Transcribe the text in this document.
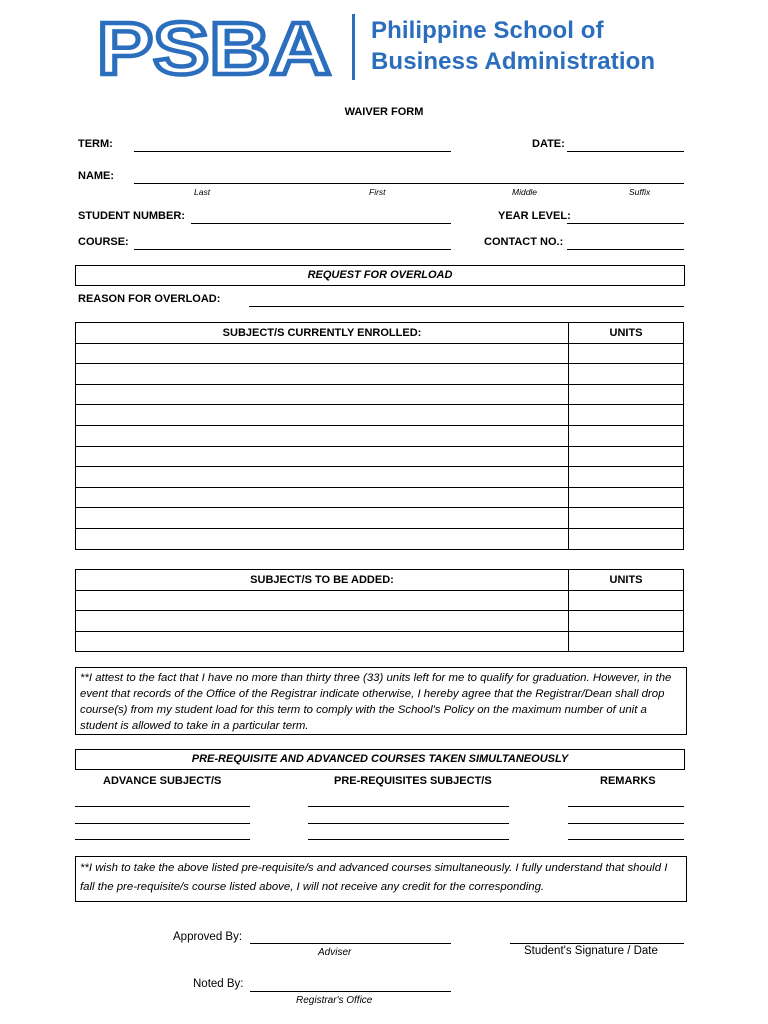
PSBA Philippine School of
Business Administration
WAIVER FORM
TERM:	DATE:
NAME:
Last	First	Middle	Suffix
STUDENT NUMBER:	YEAR LEVEL:
COURSE:	CONTACT NO.:
REQUEST FOR OVERLOAD
REASON FOR OVERLOAD:
SUBJECT/S CURRENTLY ENROLLED:	UNITS

SUBJECT/S TO BE ADDED:	UNITS

**I attest to the fact that I have no more than thirty three (33) units left for me to qualify for graduation. However, in the event that records of the Office of the Registrar indicate otherwise, I hereby agree that the Registrar/Dean shall drop course(s) from my student load for this term to comply with the School's Policy on the maximum number of unit a student is allowed to take in a particular term.
PRE-REQUISITE AND ADVANCED COURSES TAKEN SIMULTANEOUSLY
ADVANCE SUBJECT/S	PRE-REQUISITES SUBJECT/S	REMARKS
**I wish to take the above listed pre-requisite/s and advanced courses simultaneously. I fully understand that should I fall the pre-requisite/s course listed above, I will not receive any credit for the corresponding.
Approved By:
Adviser	Student's Signature / Date
Noted By:
Registrar's Office
